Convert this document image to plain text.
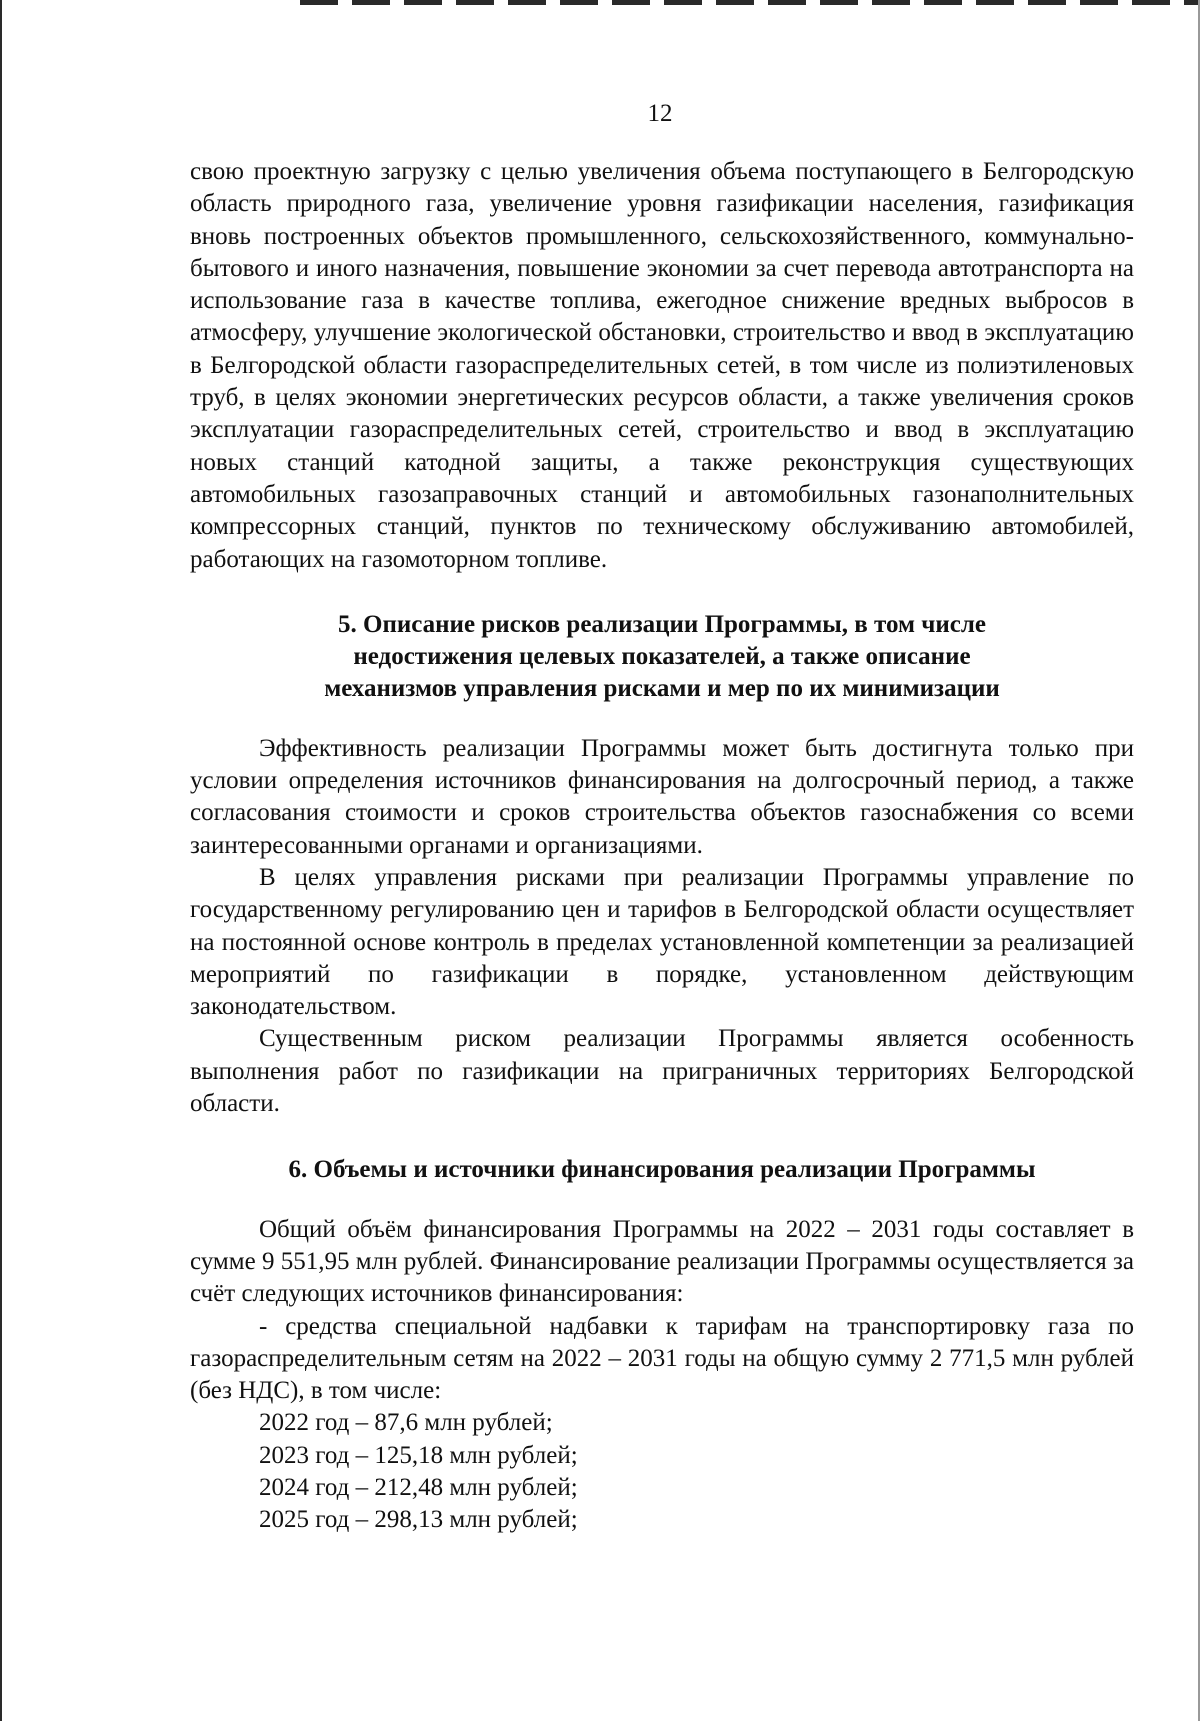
12

свою проектную загрузку с целью увеличения объема поступающего в Белгородскую область природного газа, увеличение уровня газификации населения, газификация вновь построенных объектов промышленного, сельскохозяйственного, коммунально-бытового и иного назначения, повышение экономии за счет перевода автотранспорта на использование газа в качестве топлива, ежегодное снижение вредных выбросов в атмосферу, улучшение экологической обстановки, строительство и ввод в эксплуатацию в Белгородской области газораспределительных сетей, в том числе из полиэтиленовых труб, в целях экономии энергетических ресурсов области, а также увеличения сроков эксплуатации газораспределительных сетей, строительство и ввод в эксплуатацию новых станций катодной защиты, а также реконструкция существующих автомобильных газозаправочных станций и автомобильных газонаполнительных компрессорных станций, пунктов по техническому обслуживанию автомобилей, работающих на газомоторном топливе.

5. Описание рисков реализации Программы, в том числе

недостижения целевых показателей, а также описание

механизмов управления рисками и мер по их минимизации

Эффективность реализации Программы может быть достигнута только при условии определения источников финансирования на долгосрочный период, а также согласования стоимости и сроков строительства объектов газоснабжения со всеми заинтересованными органами и организациями.

В целях управления рисками при реализации Программы управление по государственному регулированию цен и тарифов в Белгородской области осуществляет на постоянной основе контроль в пределах установленной компетенции за реализацией мероприятий по газификации в порядке, установленном действующим законодательством.

Существенным риском реализации Программы является особенность выполнения работ по газификации на приграничных территориях Белгородской области.

6. Объемы и источники финансирования реализации Программы

Общий объём финансирования Программы на 2022 – 2031 годы составляет в сумме 9 551,95 млн рублей. Финансирование реализации Программы осуществляется за счёт следующих источников финансирования:

- средства специальной надбавки к тарифам на транспортировку газа по газораспределительным сетям на 2022 – 2031 годы на общую сумму 2 771,5 млн рублей (без НДС), в том числе:

2022 год – 87,6 млн рублей;

2023 год – 125,18 млн рублей;

2024 год – 212,48 млн рублей;

2025 год – 298,13 млн рублей;
